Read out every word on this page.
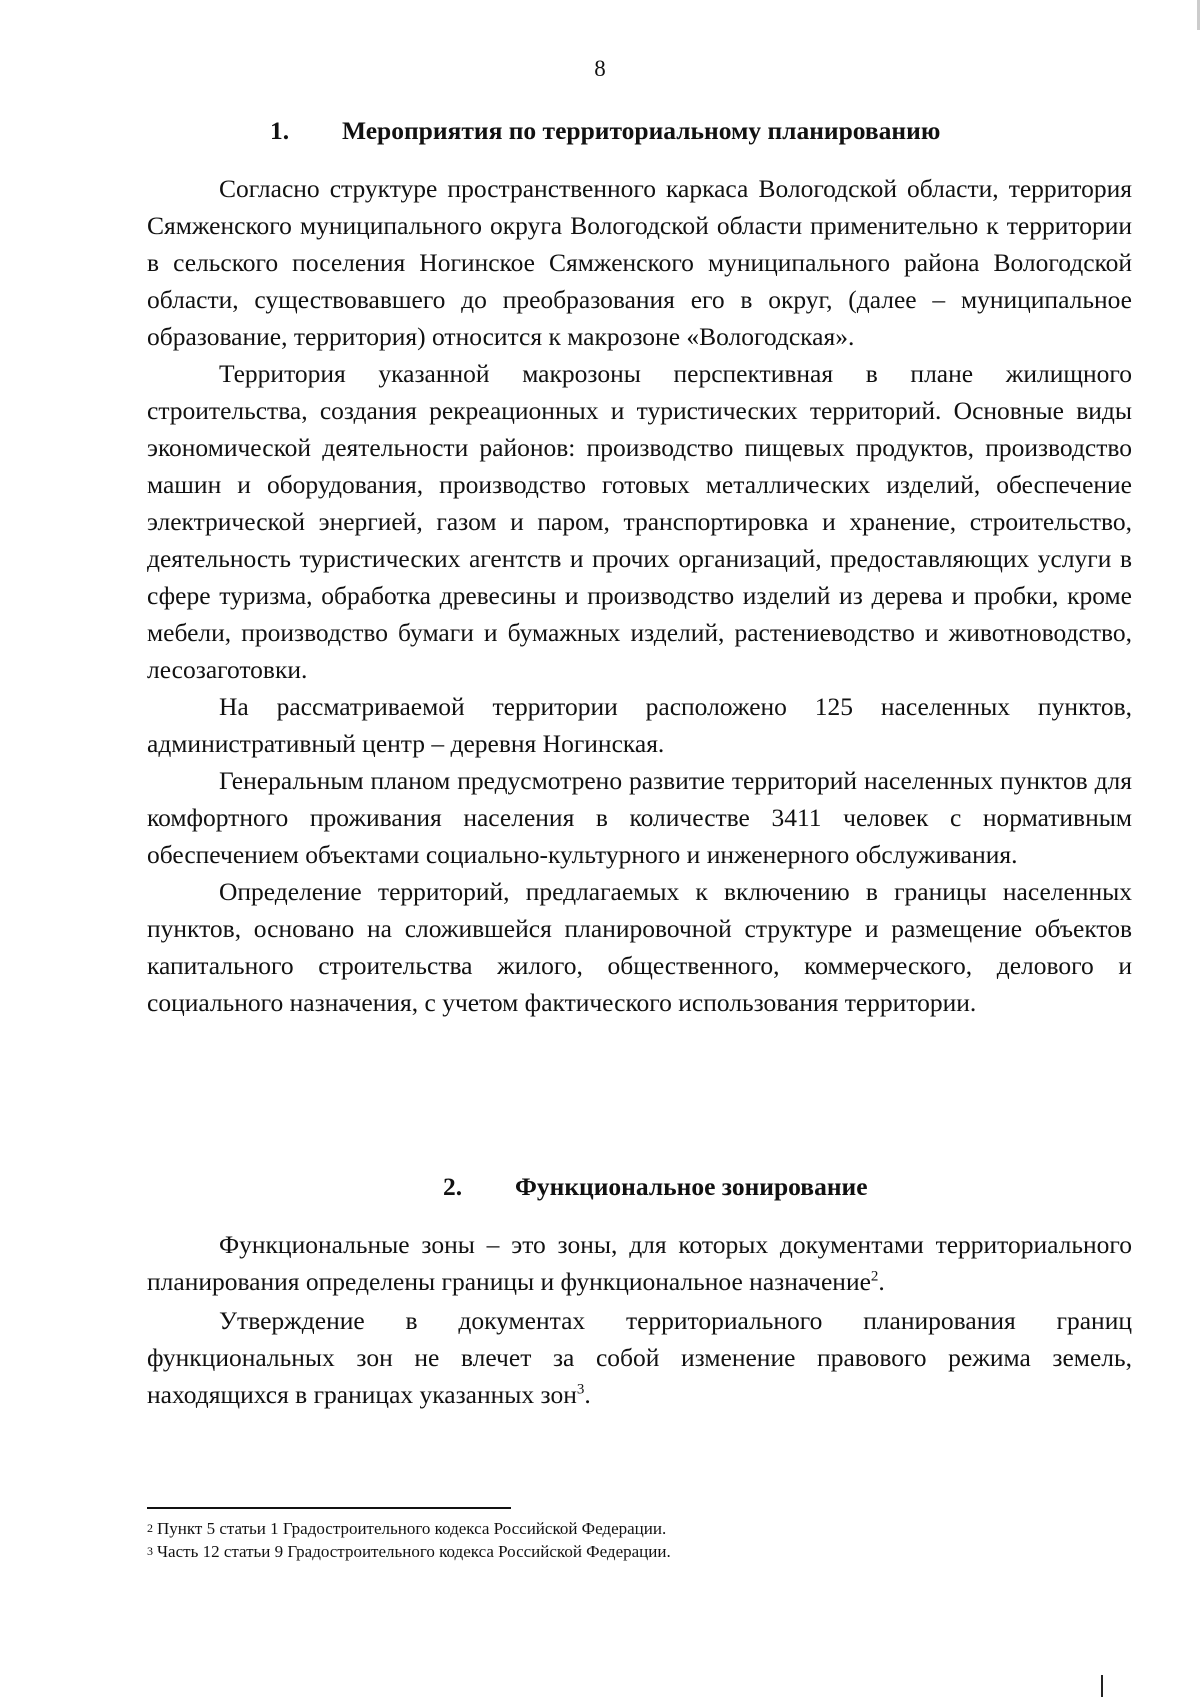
8
1. Мероприятия по территориальному планированию

Согласно структуре пространственного каркаса Вологодской области, территория Сямженского муниципального округа Вологодской области применительно к территории в сельского поселения Ногинское Сямженского муниципального района Вологодской области, существовавшего до преобразования его в округ, (далее – муниципальное образование, территория) относится к макрозоне «Вологодская».

Территория указанной макрозоны перспективная в плане жилищного строительства, создания рекреационных и туристических территорий. Основные виды экономической деятельности районов: производство пищевых продуктов, производство машин и оборудования, производство готовых металлических изделий, обеспечение электрической энергией, газом и паром, транспортировка и хранение, строительство, деятельность туристических агентств и прочих организаций, предоставляющих услуги в сфере туризма, обработка древесины и производство изделий из дерева и пробки, кроме мебели, производство бумаги и бумажных изделий, растениеводство и животноводство, лесозаготовки.

На рассматриваемой территории расположено 125 населенных пунктов, административный центр – деревня Ногинская.

Генеральным планом предусмотрено развитие территорий населенных пунктов для комфортного проживания населения в количестве 3411 человек с нормативным обеспечением объектами социально-культурного и инженерного обслуживания.

Определение территорий, предлагаемых к включению в границы населенных пунктов, основано на сложившейся планировочной структуре и размещение объектов капитального строительства жилого, общественного, коммерческого, делового и социального назначения, с учетом фактического использования территории.

2. Функциональное зонирование

Функциональные зоны – это зоны, для которых документами территориального планирования определены границы и функциональное назначение$^2$.

Утверждение в документах территориального планирования границ функциональных зон не влечет за собой изменение правового режима земель, находящихся в границах указанных зон$^3$.

$^2$ Пункт 5 статьи 1 Градостроительного кодекса Российской Федерации.
$^3$ Часть 12 статьи 9 Градостроительного кодекса Российской Федерации.
